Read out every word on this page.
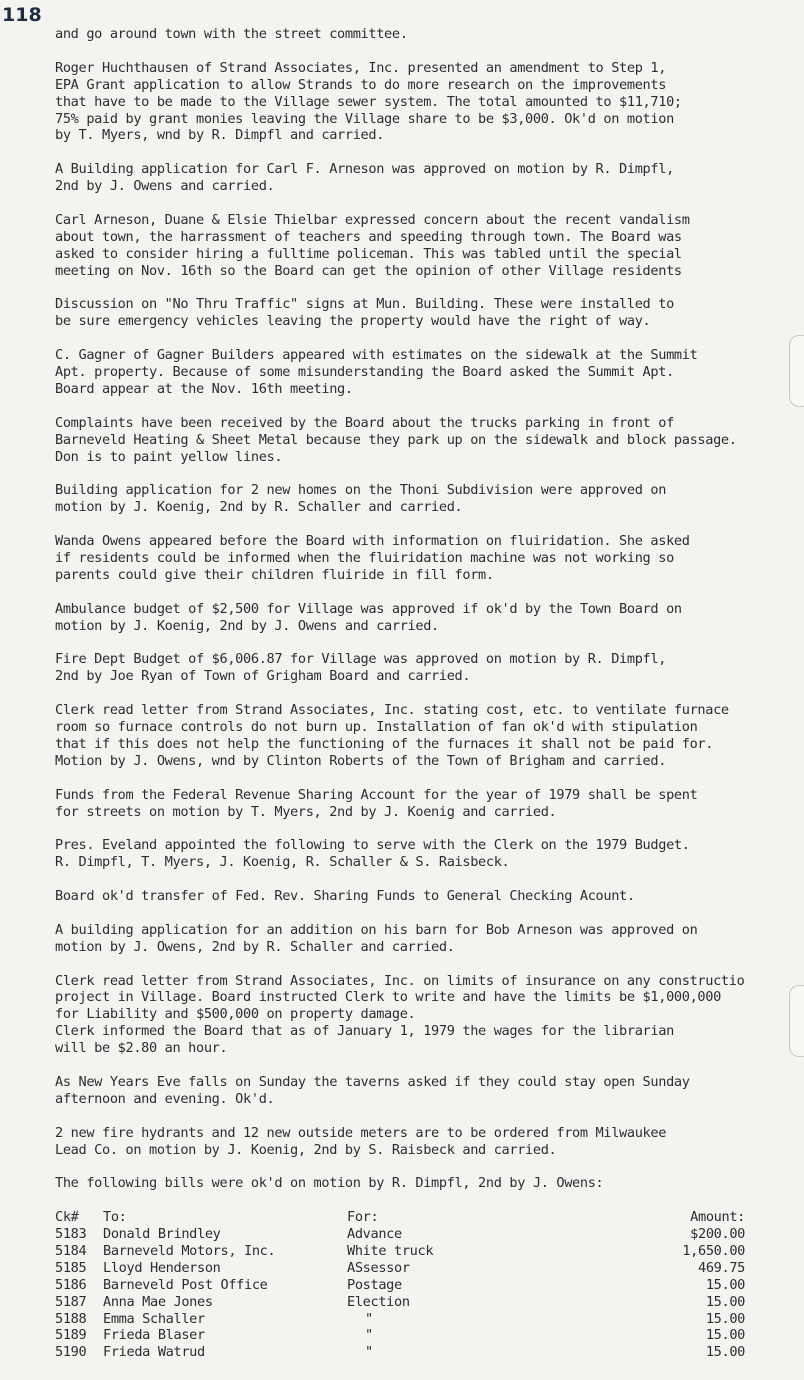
118

and go around town with the street committee.

Roger Huchthausen of Strand Associates, Inc. presented an amendment to Step 1,
EPA Grant application to allow Strands to do more research on the improvements
that have to be made to the Village sewer system. The total amounted to $11,710;
75% paid by grant monies leaving the Village share to be $3,000. Ok'd on motion
by T. Myers, wnd by R. Dimpfl and carried.

A Building application for Carl F. Arneson was approved on motion by R. Dimpfl,
2nd by J. Owens and carried.

Carl Arneson, Duane & Elsie Thielbar expressed concern about the recent vandalism
about town, the harrassment of teachers and speeding through town. The Board was
asked to consider hiring a fulltime policeman. This was tabled until the special
meeting on Nov. 16th so the Board can get the opinion of other Village residents

Discussion on "No Thru Traffic" signs at Mun. Building. These were installed to
be sure emergency vehicles leaving the property would have the right of way.

C. Gagner of Gagner Builders appeared with estimates on the sidewalk at the Summit
Apt. property. Because of some misunderstanding the Board asked the Summit Apt.
Board appear at the Nov. 16th meeting.

Complaints have been received by the Board about the trucks parking in front of
Barneveld Heating & Sheet Metal because they park up on the sidewalk and block passage.
Don is to paint yellow lines.

Building application for 2 new homes on the Thoni Subdivision were approved on
motion by J. Koenig, 2nd by R. Schaller and carried.

Wanda Owens appeared before the Board with information on fluiridation. She asked
if residents could be informed when the fluiridation machine was not working so
parents could give their children fluiride in fill form.

Ambulance budget of $2,500 for Village was approved if ok'd by the Town Board on
motion by J. Koenig, 2nd by J. Owens and carried.

Fire Dept Budget of $6,006.87 for Village was approved on motion by R. Dimpfl,
2nd by Joe Ryan of Town of Grigham Board and carried.

Clerk read letter from Strand Associates, Inc. stating cost, etc. to ventilate furnace
room so furnace controls do not burn up. Installation of fan ok'd with stipulation
that if this does not help the functioning of the furnaces it shall not be paid for.
Motion by J. Owens, wnd by Clinton Roberts of the Town of Brigham and carried.

Funds from the Federal Revenue Sharing Account for the year of 1979 shall be spent
for streets on motion by T. Myers, 2nd by J. Koenig and carried.

Pres. Eveland appointed the following to serve with the Clerk on the 1979 Budget.
R. Dimpfl, T. Myers, J. Koenig, R. Schaller & S. Raisbeck.

Board ok'd transfer of Fed. Rev. Sharing Funds to General Checking Acount.

A building application for an addition on his barn for Bob Arneson was approved on
motion by J. Owens, 2nd by R. Schaller and carried.

Clerk read letter from Strand Associates, Inc. on limits of insurance on any constructio
project in Village. Board instructed Clerk to write and have the limits be $1,000,000
for Liability and $500,000 on property damage.

Clerk informed the Board that as of January 1, 1979 the wages for the librarian
will be $2.80 an hour.

As New Years Eve falls on Sunday the taverns asked if they could stay open Sunday
afternoon and evening. Ok'd.

2 new fire hydrants and 12 new outside meters are to be ordered from Milwaukee
Lead Co. on motion by J. Koenig, 2nd by S. Raisbeck and carried.

The following bills were ok'd on motion by R. Dimpfl, 2nd by J. Owens:

Ck#	To:	For:	Amount:
5183	Donald Brindley	Advance	$200.00
5184	Barneveld Motors, Inc.	White truck	1,650.00
5185	Lloyd Henderson	ASsessor	469.75
5186	Barneveld Post Office	Postage	15.00
5187	Anna Mae Jones	Election	15.00
5188	Emma Schaller	"	15.00
5189	Frieda Blaser	"	15.00
5190	Frieda Watrud	"	15.00
